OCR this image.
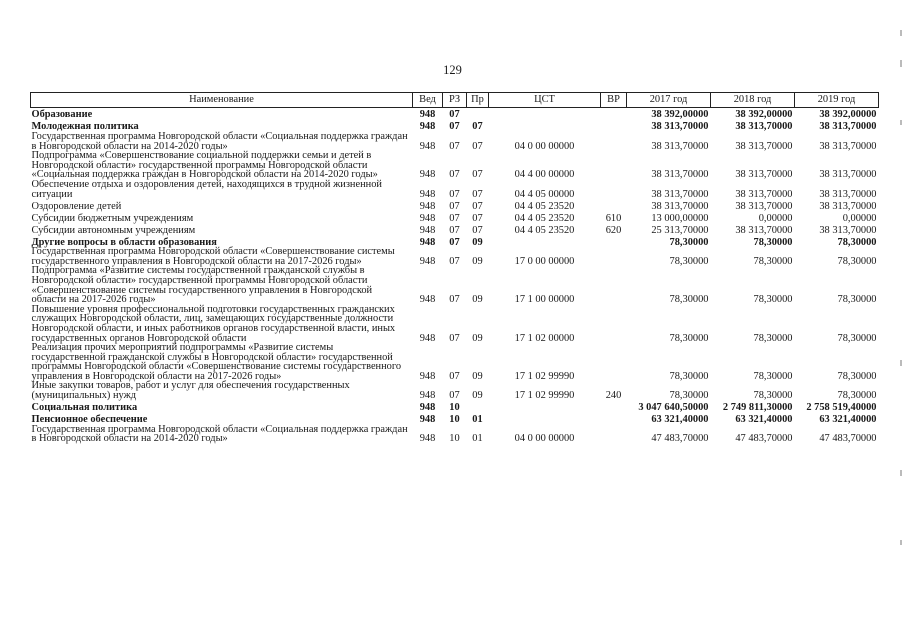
129
Наименование	Вед	РЗ	Пр	ЦСТ	ВР	2017 год	2018 год	2019 год
Образование	948	07				38 392,00000	38 392,00000	38 392,00000
Молодежная политика	948	07	07			38 313,70000	38 313,70000	38 313,70000
Государственная программа Новгородской области «Социальная поддержка граждан в Новгородской области на 2014-2020 годы»	948	07	07	04 0 00 00000		38 313,70000	38 313,70000	38 313,70000
Подпрограмма «Совершенствование социальной поддержки семьи и детей в Новгородской области» государственной программы Новгородской области «Социальная поддержка граждан в Новгородской области на 2014-2020 годы»	948	07	07	04 4 00 00000		38 313,70000	38 313,70000	38 313,70000
Обеспечение отдыха и оздоровления детей, находящихся в трудной жизненной ситуации	948	07	07	04 4 05 00000		38 313,70000	38 313,70000	38 313,70000
Оздоровление детей	948	07	07	04 4 05 23520		38 313,70000	38 313,70000	38 313,70000
Субсидии бюджетным учреждениям	948	07	07	04 4 05 23520	610	13 000,00000	0,00000	0,00000
Субсидии автономным учреждениям	948	07	07	04 4 05 23520	620	25 313,70000	38 313,70000	38 313,70000
Другие вопросы в области образования	948	07	09			78,30000	78,30000	78,30000
Государственная программа Новгородской области «Совершенствование системы государственного управления в Новгородской области на 2017-2026 годы»	948	07	09	17 0 00 00000		78,30000	78,30000	78,30000
Подпрограмма «Развитие системы государственной гражданской службы в Новгородской области» государственной программы Новгородской области «Совершенствование системы государственного управления в Новгородской области на 2017-2026 годы»	948	07	09	17 1 00 00000		78,30000	78,30000	78,30000
Повышение уровня профессиональной подготовки государственных гражданских служащих Новгородской области, лиц, замещающих государственные должности Новгородской области, и иных работников органов государственной власти, иных государственных органов Новгородской области	948	07	09	17 1 02 00000		78,30000	78,30000	78,30000
Реализация прочих мероприятий подпрограммы «Развитие системы государственной гражданской службы в Новгородской области» государственной программы Новгородской области «Совершенствование системы государственного управления в Новгородской области на 2017-2026 годы»	948	07	09	17 1 02 99990		78,30000	78,30000	78,30000
Иные закупки товаров, работ и услуг для обеспечения государственных (муниципальных) нужд	948	07	09	17 1 02 99990	240	78,30000	78,30000	78,30000
Социальная политика	948	10				3 047 640,50000	2 749 811,30000	2 758 519,40000
Пенсионное обеспечение	948	10	01			63 321,40000	63 321,40000	63 321,40000
Государственная программа Новгородской области «Социальная поддержка граждан в Новгородской области на 2014-2020 годы»	948	10	01	04 0 00 00000		47 483,70000	47 483,70000	47 483,70000
